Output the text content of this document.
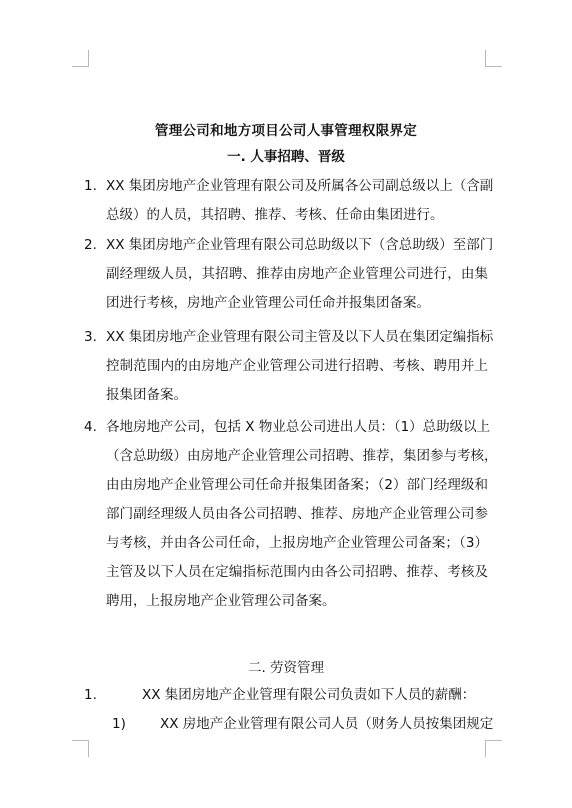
管理公司和地方项目公司人事管理权限界定
一. 人事招聘、晋级
1. XX 集团房地产企业管理有限公司及所属各公司副总级以上（含副
总级）的人员，其招聘、推荐、考核、任命由集团进行。
2. XX 集团房地产企业管理有限公司总助级以下（含总助级）至部门
副经理级人员，其招聘、推荐由房地产企业管理公司进行，由集
团进行考核，房地产企业管理公司任命并报集团备案。
3. XX 集团房地产企业管理有限公司主管及以下人员在集团定编指标
控制范围内的由房地产企业管理公司进行招聘、考核、聘用并上
报集团备案。
4. 各地房地产公司，包括 X 物业总公司进出人员：（1）总助级以上
（含总助级）由房地产企业管理公司招聘、推荐，集团参与考核，
由由房地产企业管理公司任命并报集团备案；（2）部门经理级和
部门副经理级人员由各公司招聘、推荐、房地产企业管理公司参
与考核，并由各公司任命，上报房地产企业管理公司备案；（3）
主管及以下人员在定编指标范围内由各公司招聘、推荐、考核及
聘用，上报房地产企业管理公司备案。
二. 劳资管理
1.	XX 集团房地产企业管理有限公司负责如下人员的薪酬：
1)	XX 房地产企业管理有限公司人员（财务人员按集团规定
